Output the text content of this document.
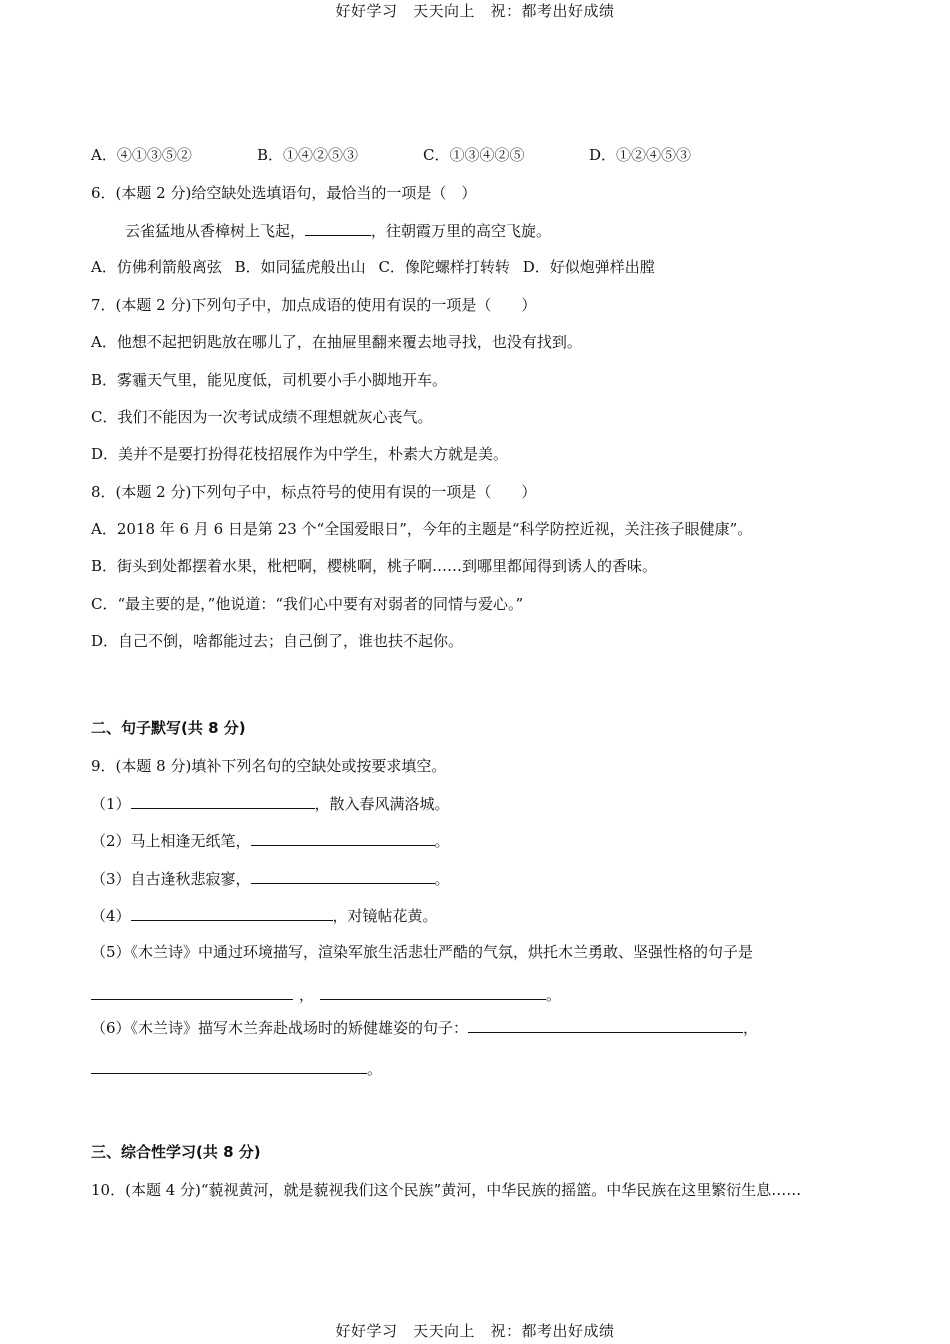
好好学习　天天向上　祝：都考出好成绩
A．④①③⑤②	B．①④②⑤③	C．①③④②⑤	D．①②④⑤③
6．(本题 2 分)给空缺处选填语句，最恰当的一项是（　）
云雀猛地从香樟树上飞起，	，往朝霞万里的高空飞旋。
A．仿佛利箭般离弦 B．如同猛虎般出山 C．像陀螺样打转转 D．好似炮弹样出膛
7．(本题 2 分)下列句子中，加点成语的使用有误的一项是（　　）
A．他想不起把钥匙放在哪儿了，在抽屉里翻来覆去地寻找，也没有找到。
B．雾霾天气里，能见度低，司机要小手小脚地开车。
C．我们不能因为一次考试成绩不理想就灰心丧气。
D．美并不是要打扮得花枝招展作为中学生，朴素大方就是美。
8．(本题 2 分)下列句子中，标点符号的使用有误的一项是（　　）
A．2018 年 6 月 6 日是第 23 个“全国爱眼日”，今年的主题是“科学防控近视，关注孩子眼健康”。
B．街头到处都摆着水果，枇杷啊，樱桃啊，桃子啊……到哪里都闻得到诱人的香味。
C．“最主要的是，”他说道：“我们心中要有对弱者的同情与爱心。”
D．自己不倒，啥都能过去；自己倒了，谁也扶不起你。
二、句子默写(共 8 分)
9．(本题 8 分)填补下列名句的空缺处或按要求填空。
（1）	，散入春风满洛城。
（2）马上相逢无纸笔，	。
（3）自古逢秋悲寂寥，	。
（4）	，对镜帖花黄。
（5）《木兰诗》中通过环境描写，渲染军旅生活悲壮严酷的气氛，烘托木兰勇敢、坚强性格的句子是
，	。
（6）《木兰诗》描写木兰奔赴战场时的矫健雄姿的句子：	，
。
三、综合性学习(共 8 分)
10．(本题 4 分)“藐视黄河，就是藐视我们这个民族”黄河，中华民族的摇篮。中华民族在这里繁衍生息……
好好学习　天天向上　祝：都考出好成绩
